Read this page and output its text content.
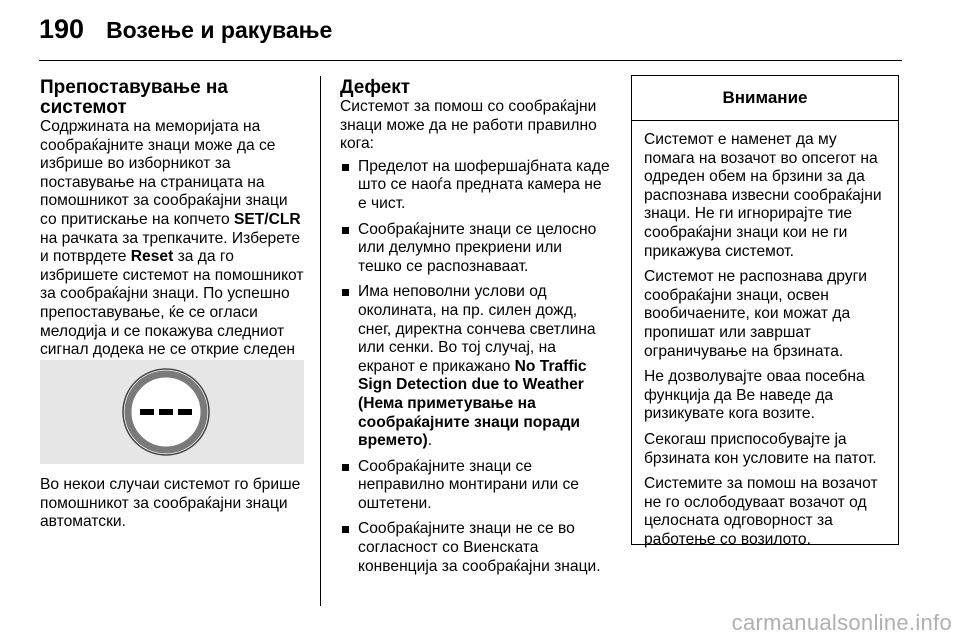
190 Возење и ракување
Препоставување на системот

Содржината на меморијата на сообраќајните знаци може да се избрише во изборникот за поставување на страницата на помошникот за сообраќајни знаци со притискање на копчето SET/CLR на рачката за трепкачите. Изберете и потврдете Reset за да го избришете системот на помошникот за сообраќајни знаци. По успешно препоставување, ќе се огласи мелодија и се покажува следниот сигнал додека не се открие следен

Во некои случаи системот го брише помошникот за сообраќајни знаци автоматски.
Дефект

Системот за помош со сообраќајни знаци може да не работи правилно кога:

Пределот на шофершајбната каде што се наоѓа предната камера не е чист.
Сообраќајните знаци се целосно или делумно прекриени или тешко се распознаваат.
Има неповолни услови од околината, на пр. силен дожд, снег, директна сончева светлина или сенки. Во тој случај, на екранот е прикажано No Traffic Sign Detection due to Weather (Нема приметување на сообраќајните знаци поради времето).
Сообраќајните знаци се неправилно монтирани или се оштетени.
Сообраќајните знаци не се во согласност со Виенската конвенција за сообраќајни знаци.
Внимание

Системот е наменет да му помага на возачот во опсегот на одреден обем на брзини за да распознава извесни сообраќајни знаци. Не ги игнорирајте тие сообраќајни знаци кои не ги прикажува системот.

Системот не распознава други сообраќајни знаци, освен вообичаените, кои можат да пропишат или завршат ограничување на брзината.

Не дозволувајте оваа посебна функција да Ве наведе да ризикувате кога возите.

Секогаш приспособувајте ја брзината кон условите на патот.

Системите за помош на возачот не го ослободуваат возачот од целосната одговорност за работење со возилото.

carmanualsonline.info
